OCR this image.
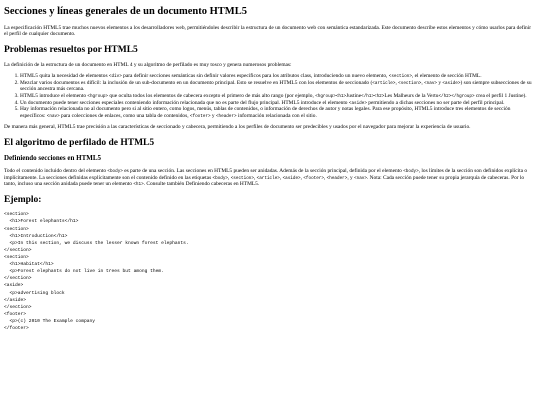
Secciones y líneas generales de un documento HTML5

La especificación HTML5 trae muchos nuevos elementos a los desarrolladores web, permitiéndoles describir la estructura de un documento web con semántica estandarizada. Este documento describe estos elementos y cómo usarlos para definir el perfil de cualquier documento.

Problemas resueltos por HTML5

La definición de la estructura de un documento en HTML 4 y su algoritmo de perfilado es muy tosco y genera numerosos problemas:

1. HTML5 quita la necesidad de elementos <div> para definir secciones semánticas sin definir valores específicos para los atributos class, introduciendo un nuevo elemento, <section>, el elemento de sección HTML.
2. Mezclar varios documentos es difícil: la inclusión de un sub-documento en un documento principal. Esto se resuelve en HTML5 con los elementos de seccionado (<article>, <section>, <nav> y <aside>) son siempre subsecciones de su sección ancestra más cercana.
3. HTML5 introduce el elemento <hgroup> que oculta todos los elementos de cabecera excepto el primero de más alto rango (por ejemplo, <hgroup><h1>Justine</h1><h2>Les Malheurs de la Vertu</h2></hgroup> crea el perfil 1 Justine).
4. Un documento puede tener secciones especiales conteniendo información relacionada que no es parte del flujo principal. HTML5 introduce el elemento <aside> permitiendo a dichas secciones no ser parte del perfil principal.
5. Hay información relacionada no al documento pero si al sitio entero, como logos, menús, tablas de contenidos, o información de derechos de autor y notas legales. Para ese propósito, HTML5 introduce tres elementos de sección específicos: <nav> para colecciones de enlaces, como una tabla de contenidos, <footer> y <header> información relacionada con el sitio.

De manera más general, HTML5 trae precisión a las características de seccionado y cabecera, permitiendo a los perfiles de documento ser predecibles y usados por el navegador para mejorar la experiencia de usuario.

El algoritmo de perfilado de HTML5
Definiendo secciones en HTML5

Todo el contenido incluido dentro del elemento <body> es parte de una sección. Las secciones en HTML5 pueden ser anidadas. Además de la sección principal, definida por el elemento <body>, los límites de la sección son definidos explícita o implícitamente. La secciones definidas explícitamente son el contenido definido en las etiquetas <body>, <section>, <article>, <aside>, <footer>, <header>, y <nav>. Nota: Cada sección puede tener su propia jerarquía de cabeceras. Por lo tanto, incluso una sección anidada puede tener un elemento <h1>. Consulte también Definiendo cabeceras en HTML5.

Ejemplo:
<section>
<h1>Forest elephants</h1>
<section>
<h1>Introduction</h1>
<p>In this section, we discuss the lesser known forest elephants.
</section>
<section>
<h1>Habitat</h1>
<p>Forest elephants do not live in trees but among them.
</section>
<aside>
<p>advertising block
</aside>
</section>
<footer>
<p>(c) 2010 The Example company
</footer>
